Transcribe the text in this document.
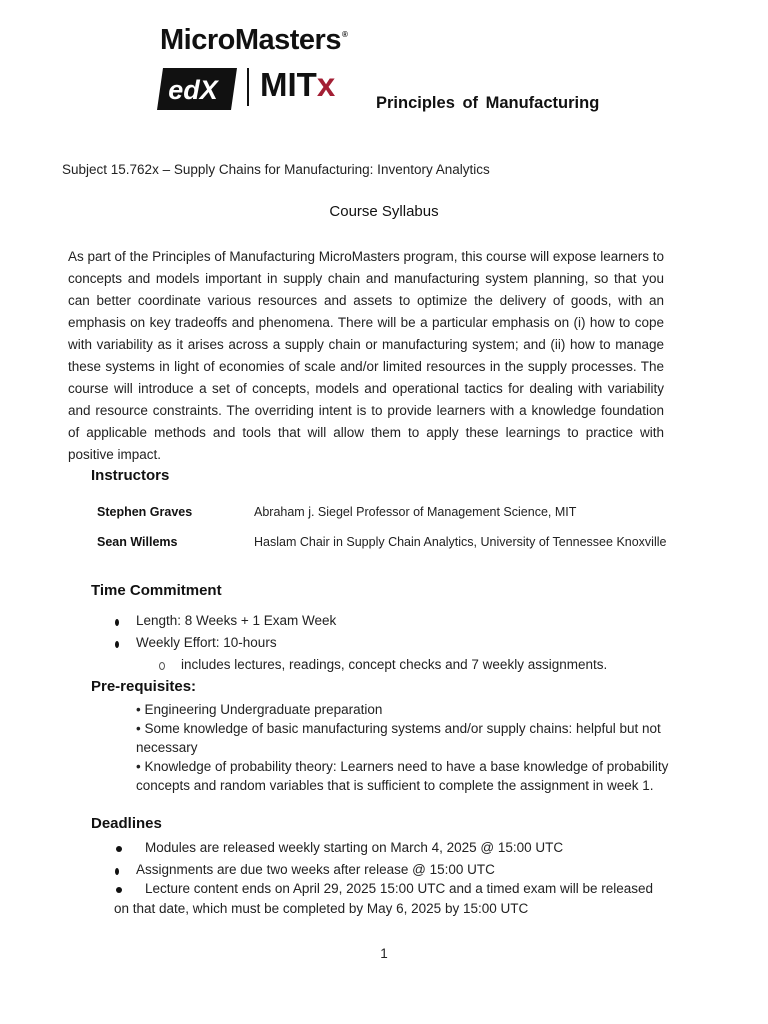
MicroMasters®
edX MITx Principles of Manufacturing
Subject 15.762x – Supply Chains for Manufacturing: Inventory Analytics
Course Syllabus
As part of the Principles of Manufacturing MicroMasters program, this course will expose learners to concepts and models important in supply chain and manufacturing system planning, so that you can better coordinate various resources and assets to optimize the delivery of goods, with an emphasis on key tradeoffs and phenomena. There will be a particular emphasis on (i) how to cope with variability as it arises across a supply chain or manufacturing system; and (ii) how to manage these systems in light of economies of scale and/or limited resources in the supply processes. The course will introduce a set of concepts, models and operational tactics for dealing with variability and resource constraints. The overriding intent is to provide learners with a knowledge foundation of applicable methods and tools that will allow them to apply these learnings to practice with positive impact.
Instructors
Stephen Graves	Abraham j. Siegel Professor of Management Science, MIT
Sean Willems	Haslam Chair in Supply Chain Analytics, University of Tennessee Knoxville
Time Commitment
Length: 8 Weeks + 1 Exam Week
Weekly Effort: 10-hours
includes lectures, readings, concept checks and 7 weekly assignments.
Pre-requisites:

• Engineering Undergraduate preparation

• Some knowledge of basic manufacturing systems and/or supply chains: helpful but not necessary

• Knowledge of probability theory: Learners need to have a base knowledge of probability concepts and random variables that is sufficient to complete the assignment in week 1.

Deadlines
Modules are released weekly starting on March 4, 2025 @ 15:00 UTC
Assignments are due two weeks after release @ 15:00 UTC
Lecture content ends on April 29, 2025 15:00 UTC and a timed exam will be released
on that date, which must be completed by May 6, 2025 by 15:00 UTC
1
